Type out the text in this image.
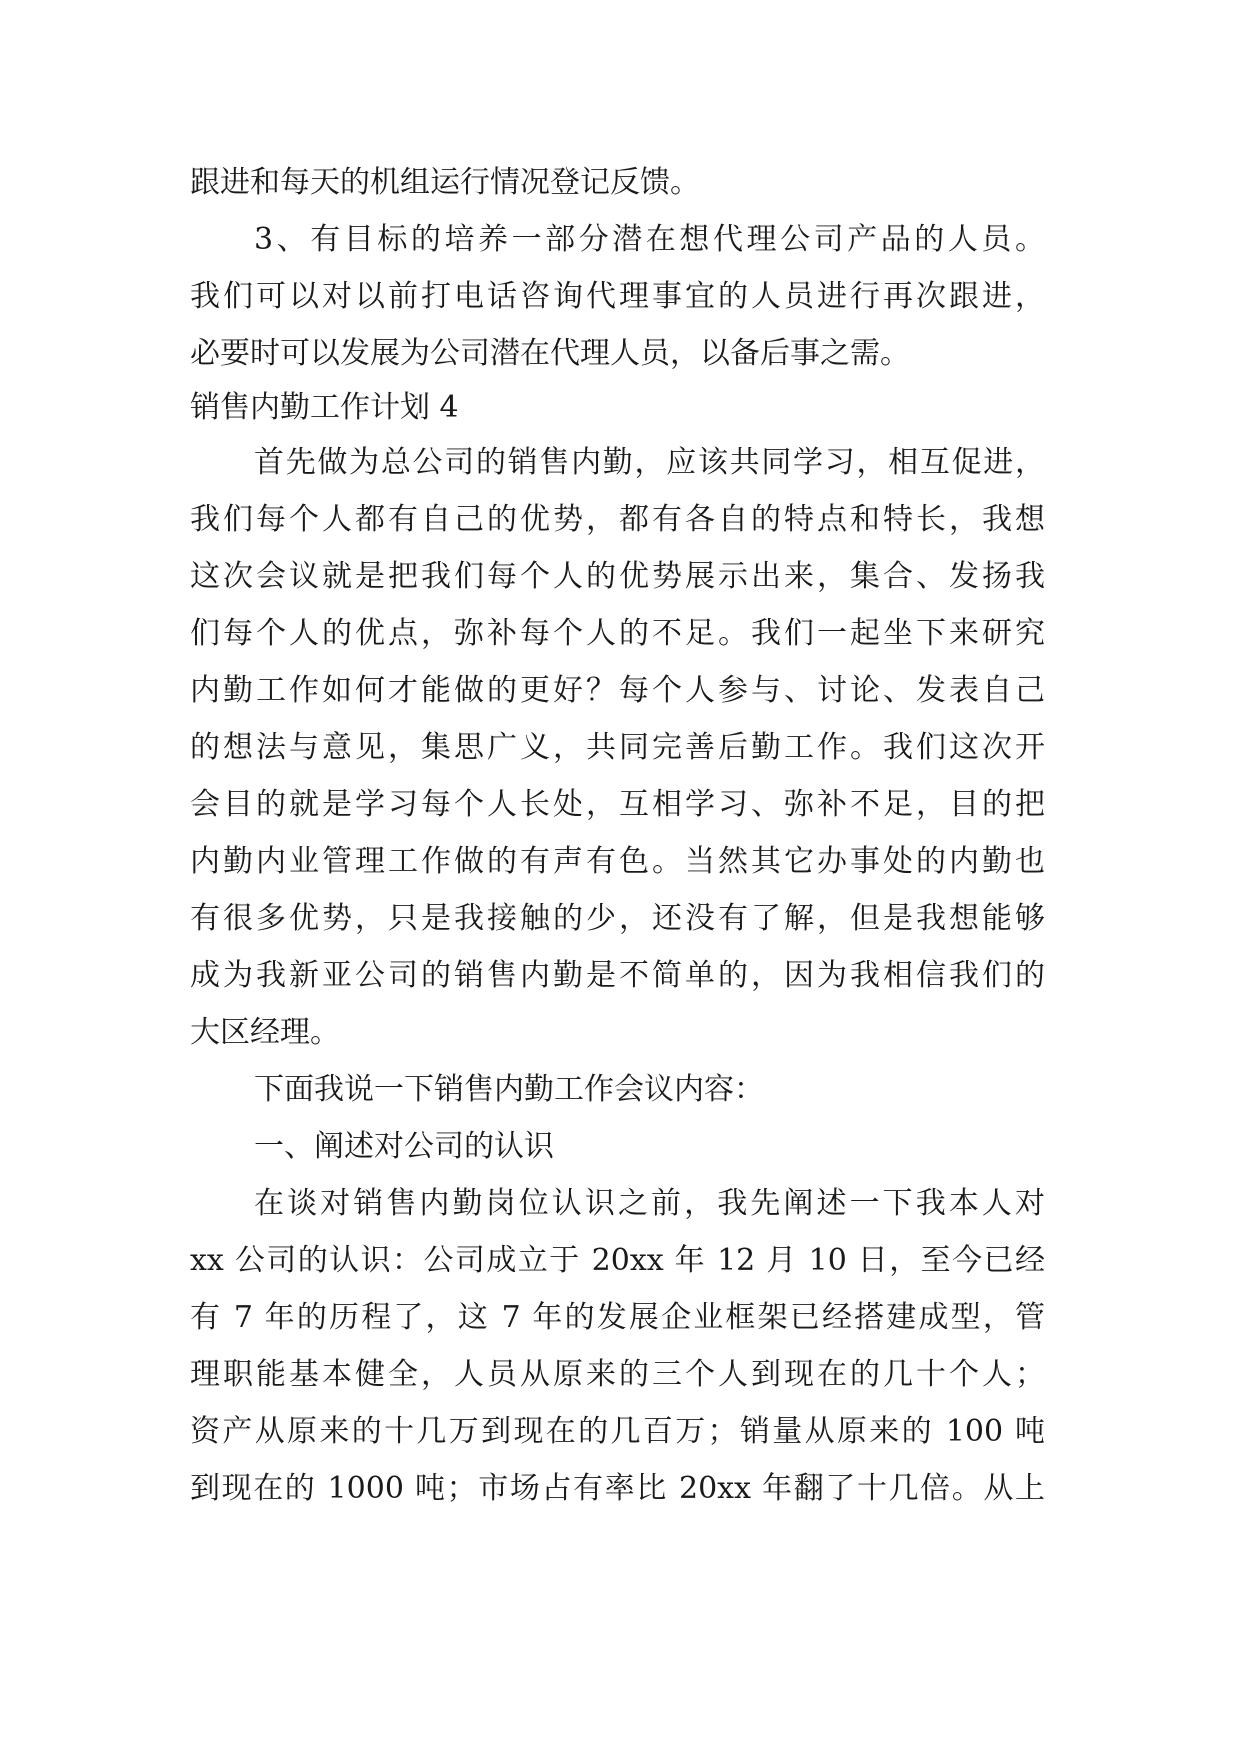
跟进和每天的机组运行情况登记反馈。
3、有目标的培养一部分潜在想代理公司产品的人员。
我们可以对以前打电话咨询代理事宜的人员进行再次跟进，
必要时可以发展为公司潜在代理人员，以备后事之需。
销售内勤工作计划 4
首先做为总公司的销售内勤，应该共同学习，相互促进，
我们每个人都有自己的优势，都有各自的特点和特长，我想
这次会议就是把我们每个人的优势展示出来，集合、发扬我
们每个人的优点，弥补每个人的不足。我们一起坐下来研究
内勤工作如何才能做的更好？每个人参与、讨论、发表自己
的想法与意见，集思广义，共同完善后勤工作。我们这次开
会目的就是学习每个人长处，互相学习、弥补不足，目的把
内勤内业管理工作做的有声有色。当然其它办事处的内勤也
有很多优势，只是我接触的少，还没有了解，但是我想能够
成为我新亚公司的销售内勤是不简单的，因为我相信我们的
大区经理。
下面我说一下销售内勤工作会议内容：
一、阐述对公司的认识
在谈对销售内勤岗位认识之前，我先阐述一下我本人对
xx 公司的认识：公司成立于 20xx 年 12 月 10 日，至今已经
有 7 年的历程了，这 7 年的发展企业框架已经搭建成型，管
理职能基本健全，人员从原来的三个人到现在的几十个人；
资产从原来的十几万到现在的几百万；销量从原来的 100 吨
到现在的 1000 吨；市场占有率比 20xx 年翻了十几倍。从上
